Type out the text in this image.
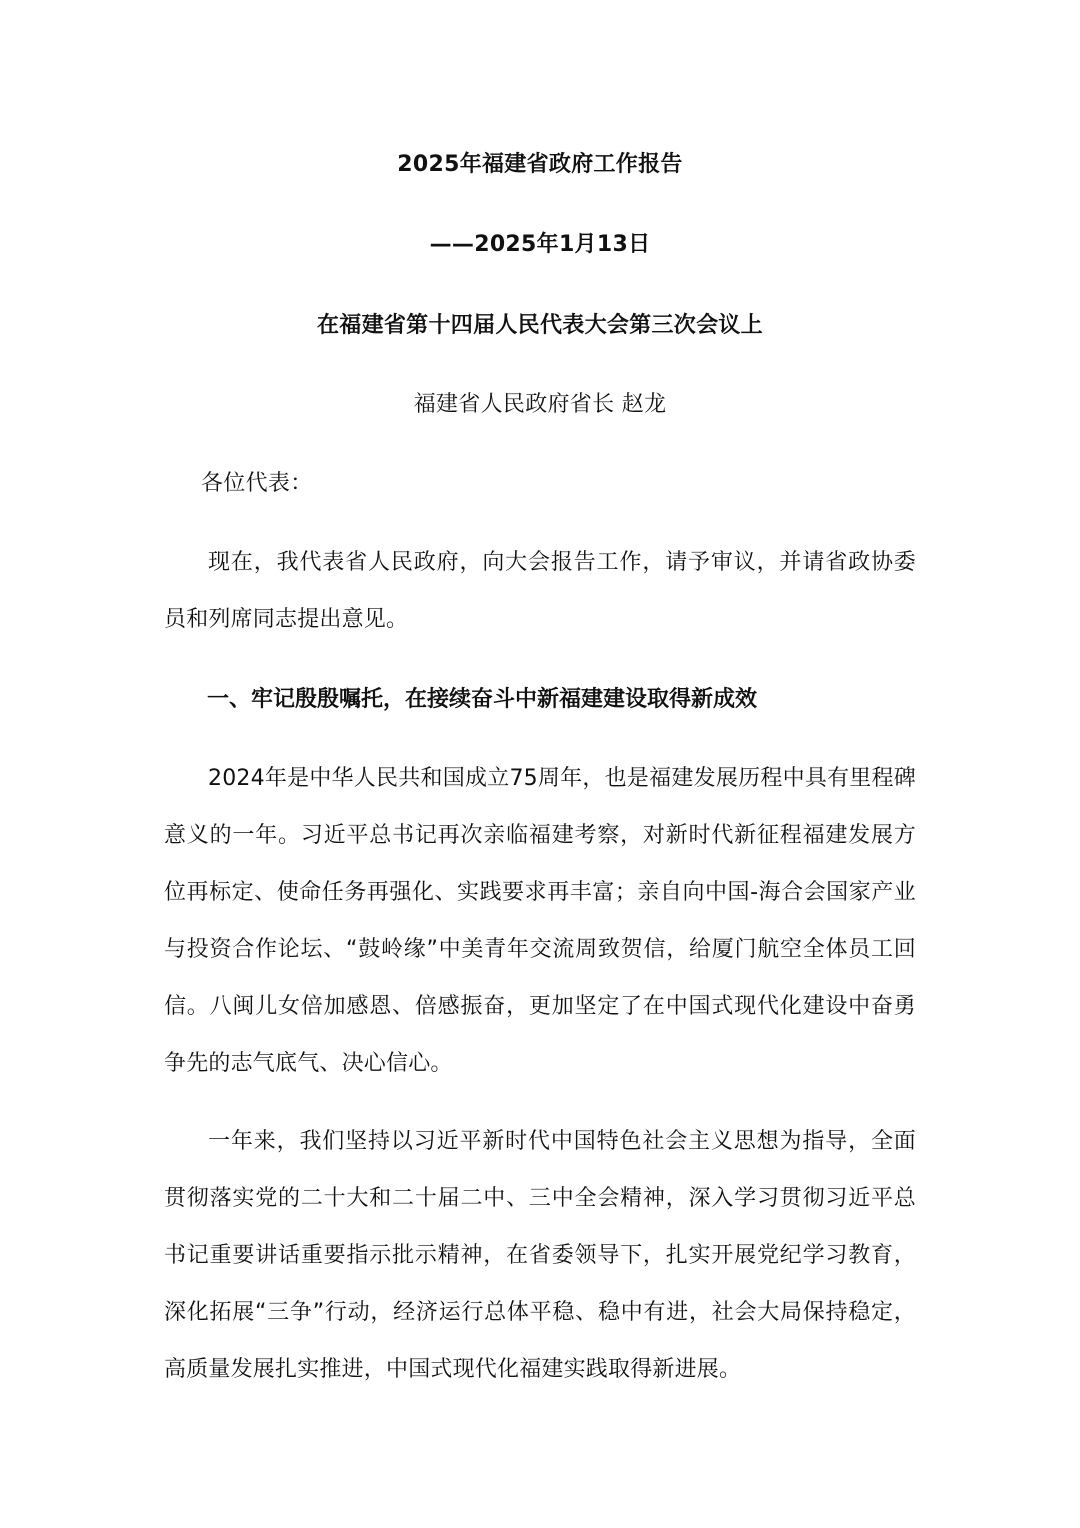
2025年福建省政府工作报告
——2025年1月13日
在福建省第十四届人民代表大会第三次会议上
福建省人民政府省长 赵龙
各位代表：
现在，我代表省人民政府，向大会报告工作，请予审议，并请省政协委员和列席同志提出意见。
一、牢记殷殷嘱托，在接续奋斗中新福建建设取得新成效
2024年是中华人民共和国成立75周年，也是福建发展历程中具有里程碑意义的一年。习近平总书记再次亲临福建考察，对新时代新征程福建发展方位再标定、使命任务再强化、实践要求再丰富；亲自向中国-海合会国家产业与投资合作论坛、“鼓岭缘”中美青年交流周致贺信，给厦门航空全体员工回信。八闽儿女倍加感恩、倍感振奋，更加坚定了在中国式现代化建设中奋勇争先的志气底气、决心信心。
一年来，我们坚持以习近平新时代中国特色社会主义思想为指导，全面贯彻落实党的二十大和二十届二中、三中全会精神，深入学习贯彻习近平总书记重要讲话重要指示批示精神，在省委领导下，扎实开展党纪学习教育，深化拓展“三争”行动，经济运行总体平稳、稳中有进，社会大局保持稳定，高质量发展扎实推进，中国式现代化福建实践取得新进展。
